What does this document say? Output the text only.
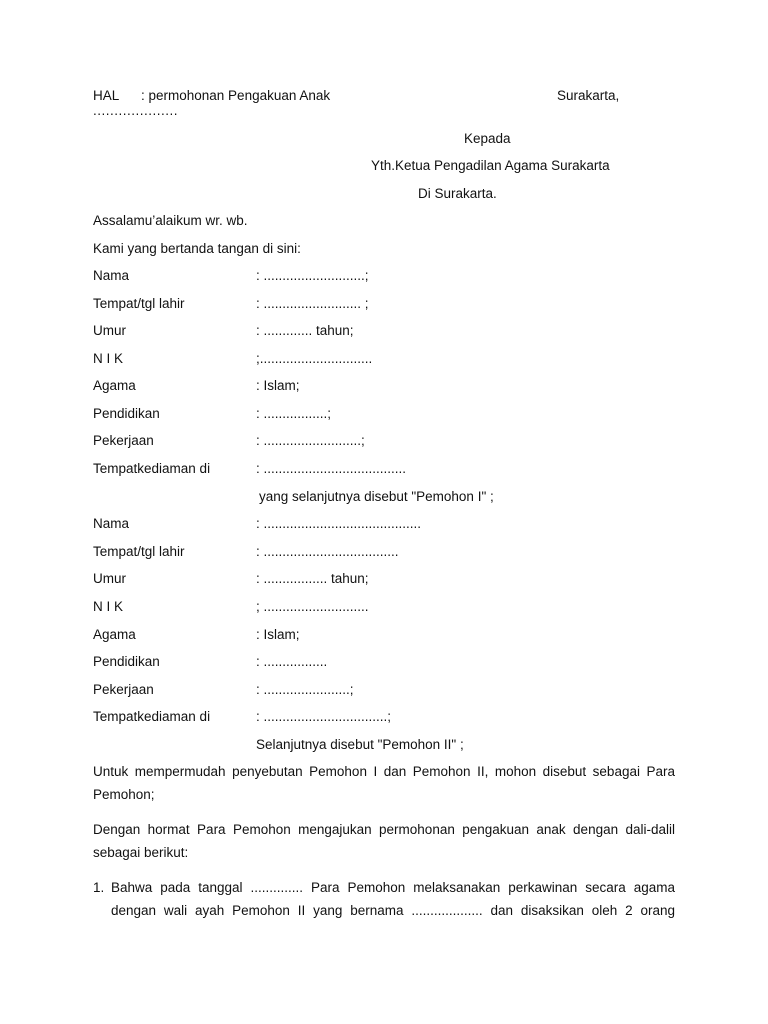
HAL : permohonan Pengakuan Anak	Surakarta,
....................
Kepada
Yth.Ketua Pengadilan Agama Surakarta
Di Surakarta.
Assalamu’alaikum wr. wb.
Kami yang bertanda tangan di sini:
Nama	: ...........................;
Tempat/tgl lahir	: .......................... ;
Umur	: ............. tahun;
N I K	;..............................
Agama	: Islam;
Pendidikan	: .................;
Pekerjaan	: ..........................;
Tempatkediaman di	: ......................................
yang selanjutnya disebut "Pemohon I" ;
Nama	: ..........................................
Tempat/tgl lahir	: ....................................
Umur	: ................. tahun;
N I K	; ............................
Agama	: Islam;
Pendidikan	: .................
Pekerjaan	: .......................;
Tempatkediaman di	: .................................;
Selanjutnya disebut "Pemohon II" ;
Untuk mempermudah penyebutan Pemohon I dan Pemohon II, mohon disebut sebagai Para Pemohon;
Dengan hormat Para Pemohon mengajukan permohonan pengakuan anak dengan dali-dalil sebagai berikut:
1. Bahwa pada tanggal .............. Para Pemohon melaksanakan perkawinan secara agama dengan wali ayah Pemohon II yang bernama ................... dan disaksikan oleh 2 orang
